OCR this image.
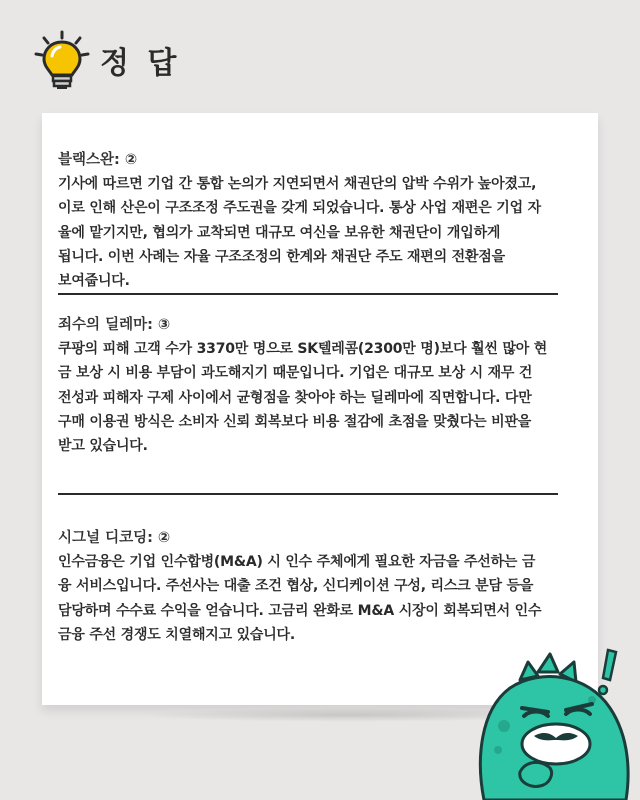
정 답
블랙스완: ②
기사에 따르면 기업 간 통합 논의가 지연되면서 채권단의 압박 수위가 높아졌고,
이로 인해 산은이 구조조정 주도권을 갖게 되었습니다. 통상 사업 재편은 기업 자
율에 맡기지만, 협의가 교착되면 대규모 여신을 보유한 채권단이 개입하게
됩니다. 이번 사례는 자율 구조조정의 한계와 채권단 주도 재편의 전환점을
보여줍니다.
죄수의 딜레마: ③
쿠팡의 피해 고객 수가 3370만 명으로 SK텔레콤(2300만 명)보다 훨씬 많아 현
금 보상 시 비용 부담이 과도해지기 때문입니다. 기업은 대규모 보상 시 재무 건
전성과 피해자 구제 사이에서 균형점을 찾아야 하는 딜레마에 직면합니다. 다만
구매 이용권 방식은 소비자 신뢰 회복보다 비용 절감에 초점을 맞췄다는 비판을
받고 있습니다.
시그널 디코딩: ②
인수금융은 기업 인수합병(M&A) 시 인수 주체에게 필요한 자금을 주선하는 금
융 서비스입니다. 주선사는 대출 조건 협상, 신디케이션 구성, 리스크 분담 등을
담당하며 수수료 수익을 얻습니다. 고금리 완화로 M&A 시장이 회복되면서 인수
금융 주선 경쟁도 치열해지고 있습니다.
